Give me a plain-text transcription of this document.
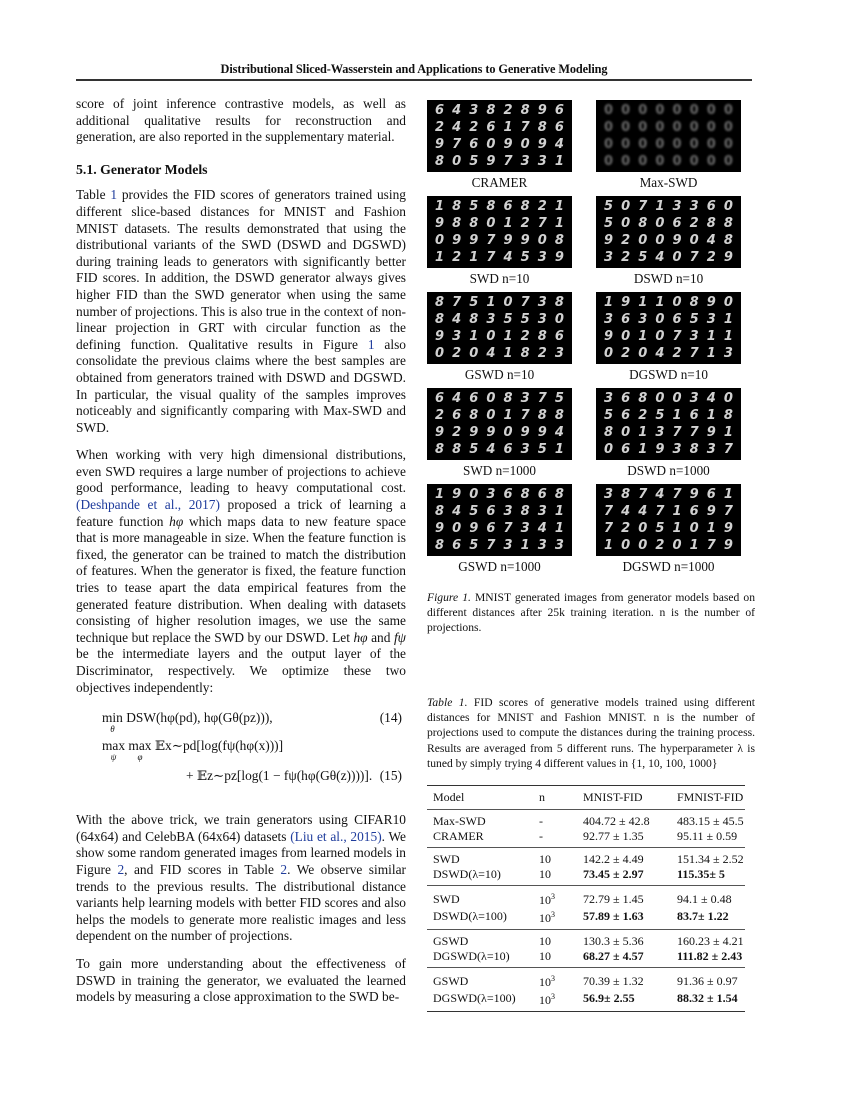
Distributional Sliced-Wasserstein and Applications to Generative Modeling

score of joint inference contrastive models, as well as additional qualitative results for reconstruction and generation, are also reported in the supplementary material.

5.1. Generator Models

Table 1 provides the FID scores of generators trained using different slice-based distances for MNIST and Fashion MNIST datasets. The results demonstrated that using the distributional variants of the SWD (DSWD and DGSWD) during training leads to generators with significantly better FID scores. In addition, the DSWD generator always gives higher FID than the SWD generator when using the same number of projections. This is also true in the context of non-linear projection in GRT with circular function as the defining function. Qualitative results in Figure 1 also consolidate the previous claims where the best samples are obtained from generators trained with DSWD and DGSWD. In particular, the visual quality of the samples improves noticeably and significantly comparing with Max-SWD and SWD.

When working with very high dimensional distributions, even SWD requires a large number of projections to achieve good performance, leading to heavy computational cost. (Deshpande et al., 2017) proposed a trick of learning a feature function hφ which maps data to new feature space that is more manageable in size. When the feature function is fixed, the generator can be trained to match the distribution of features. When the generator is fixed, the feature function tries to tease apart the data empirical features from the generated feature distribution. When dealing with datasets consisting of higher resolution images, we use the same technique but replace the SWD by our DSWD. Let hφ and fψ be the intermediate layers and the output layer of the Discriminator, respectively. We optimize these two objectives independently:

min
θ
DSW(hφ(pd), hφ(Gθ(pz))),	(14)
max
ψ
max
φ
𝔼x∼pd[log(fψ(hφ(x)))]
+ 𝔼z∼pz[log(1 − fψ(hφ(Gθ(z))))]. (15)

With the above trick, we train generators using CIFAR10 (64x64) and CelebBA (64x64) datasets (Liu et al., 2015). We show some random generated images from learned models in Figure 2, and FID scores in Table 2. We observe similar trends to the previous results. The distributional distance variants help learning models with better FID scores and also helps the models to generate more realistic images and less dependent on the number of projections.

To gain more understanding about the effectiveness of DSWD in training the generator, we evaluated the learned models by measuring a close approximation to the SWD be-

6 4 3 8 2 8 9 6
2 4 2 6 1 7 8 6
9 7 6 0 9 0 9 4
8 0 5 9 7 3 3 1
CRAMER
0 0 0 0 0 0 0 0
0 0 0 0 0 0 0 0
0 0 0 0 0 0 0 0
0 0 0 0 0 0 0 0
Max-SWD
1 8 5 8 6 8 2 1
9 8 8 0 1 2 7 1
0 9 9 7 9 9 0 8
1 2 1 7 4 5 3 9
SWD n=10
5 0 7 1 3 3 6 0
5 0 8 0 6 2 8 8
9 2 0 0 9 0 4 8
3 2 5 4 0 7 2 9
DSWD n=10
8 7 5 1 0 7 3 8
8 4 8 3 5 5 3 0
9 3 1 0 1 2 8 6
0 2 0 4 1 8 2 3
GSWD n=10
1 9 1 1 0 8 9 0
3 6 3 0 6 5 3 1
9 0 1 0 7 3 1 1
0 2 0 4 2 7 1 3
DGSWD n=10
6 4 6 0 8 3 7 5
2 6 8 0 1 7 8 8
9 2 9 9 0 9 9 4
8 8 5 4 6 3 5 1
SWD n=1000
3 6 8 0 0 3 4 0
5 6 2 5 1 6 1 8
8 0 1 3 7 7 9 1
0 6 1 9 3 8 3 7
DSWD n=1000
1 9 0 3 6 8 6 8
8 4 5 6 3 8 3 1
9 0 9 6 7 3 4 1
8 6 5 7 3 1 3 3
GSWD n=1000
3 8 7 4 7 9 6 1
7 4 4 7 1 6 9 7
7 2 0 5 1 0 1 9
1 0 0 2 0 1 7 9
DGSWD n=1000
Figure 1. MNIST generated images from generator models based on different distances after 25k training iteration. n is the number of projections.
Table 1. FID scores of generative models trained using different distances for MNIST and Fashion MNIST. n is the number of projections used to compute the distances during the training process. Results are averaged from 5 different runs. The hyperparameter λ is tuned by simply trying 4 different values in {1, 10, 100, 1000}
Model	n	MNIST-FID	FMNIST-FID
Max-SWD	-	404.72 ± 42.8	483.15 ± 45.5
CRAMER	-	92.77 ± 1.35	95.11 ± 0.59
SWD	10	142.2 ± 4.49	151.34 ± 2.52
DSWD(λ=10)	10	73.45 ± 2.97	115.35± 5
SWD	$10^3$	72.79 ± 1.45	94.1 ± 0.48
DSWD(λ=100)	$10^3$	57.89 ± 1.63	83.7± 1.22
GSWD	10	130.3 ± 5.36	160.23 ± 4.21
DGSWD(λ=10)	10	68.27 ± 4.57	111.82 ± 2.43
GSWD	$10^3$	70.39 ± 1.32	91.36 ± 0.97
DGSWD(λ=100)	$10^3$	56.9± 2.55	88.32 ± 1.54
